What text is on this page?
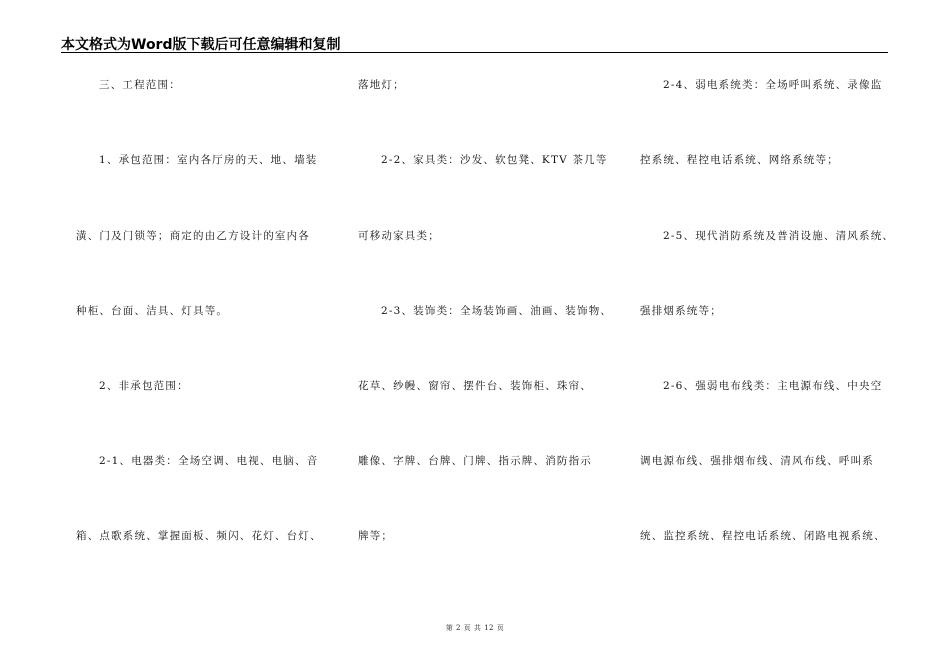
本文格式为Word版下载后可任意编辑和复制
三、工程范围：
1、承包范围：室内各厅房的天、地、墙装
潢、门及门锁等；商定的由乙方设计的室内各
种柜、台面、洁具、灯具等。
2、非承包范围：
2-1、电器类：全场空调、电视、电脑、音
箱、点歌系统、掌握面板、频闪、花灯、台灯、
落地灯；
2-2、家具类：沙发、软包凳、KTV 茶几等
可移动家具类；
2-3、装饰类：全场装饰画、油画、装饰物、
花草、纱幔、窗帘、摆件台、装饰柜、珠帘、
雕像、字牌、台牌、门牌、指示牌、消防指示
牌等；
2-4、弱电系统类：全场呼叫系统、录像监
控系统、程控电话系统、网络系统等；
2-5、现代消防系统及普消设施、清风系统、
强排烟系统等；
2-6、强弱电布线类：主电源布线、中央空
调电源布线、强排烟布线、清风布线、呼叫系
统、监控系统、程控电话系统、闭路电视系统、
第 2 页 共 12 页
